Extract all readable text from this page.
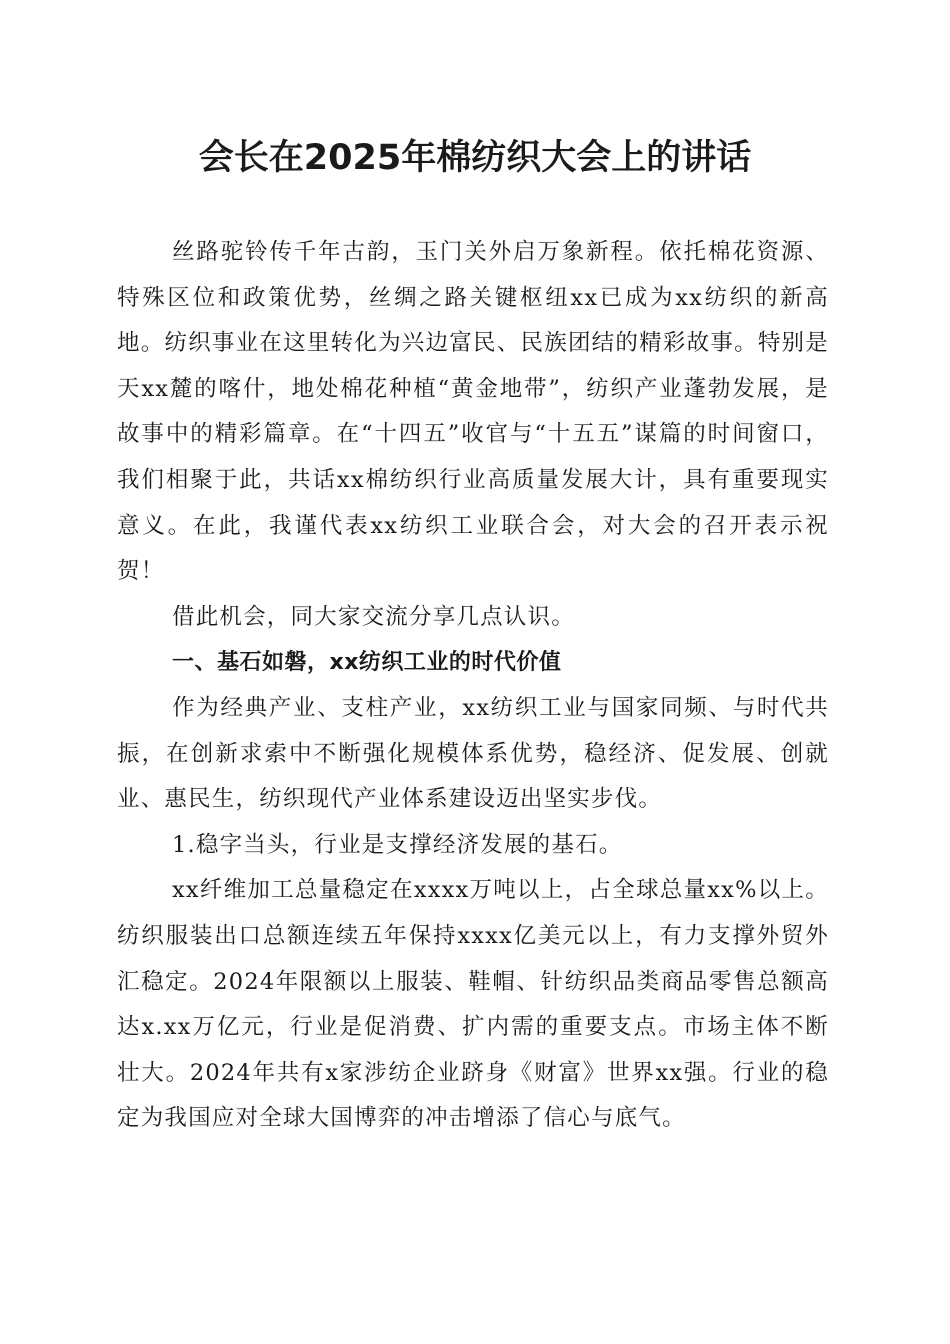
会长在2025年棉纺织大会上的讲话

丝路驼铃传千年古韵，玉门关外启万象新程。依托棉花资源、特殊区位和政策优势，丝绸之路关键枢纽xx已成为xx纺织的新高地。纺织事业在这里转化为兴边富民、民族团结的精彩故事。特别是天xx麓的喀什，地处棉花种植“黄金地带”，纺织产业蓬勃发展，是故事中的精彩篇章。在“十四五”收官与“十五五”谋篇的时间窗口，我们相聚于此，共话xx棉纺织行业高质量发展大计，具有重要现实意义。在此，我谨代表xx纺织工业联合会，对大会的召开表示祝贺！

借此机会，同大家交流分享几点认识。

一、基石如磐，xx纺织工业的时代价值

作为经典产业、支柱产业，xx纺织工业与国家同频、与时代共振，在创新求索中不断强化规模体系优势，稳经济、促发展、创就业、惠民生，纺织现代产业体系建设迈出坚实步伐。

1.稳字当头，行业是支撑经济发展的基石。

xx纤维加工总量稳定在xxxx万吨以上，占全球总量xx%以上。纺织服装出口总额连续五年保持xxxx亿美元以上，有力支撑外贸外汇稳定。2024年限额以上服装、鞋帽、针纺织品类商品零售总额高达x.xx万亿元，行业是促消费、扩内需的重要支点。市场主体不断壮大。2024年共有x家涉纺企业跻身《财富》世界xx强。行业的稳定为我国应对全球大国博弈的冲击增添了信心与底气。
